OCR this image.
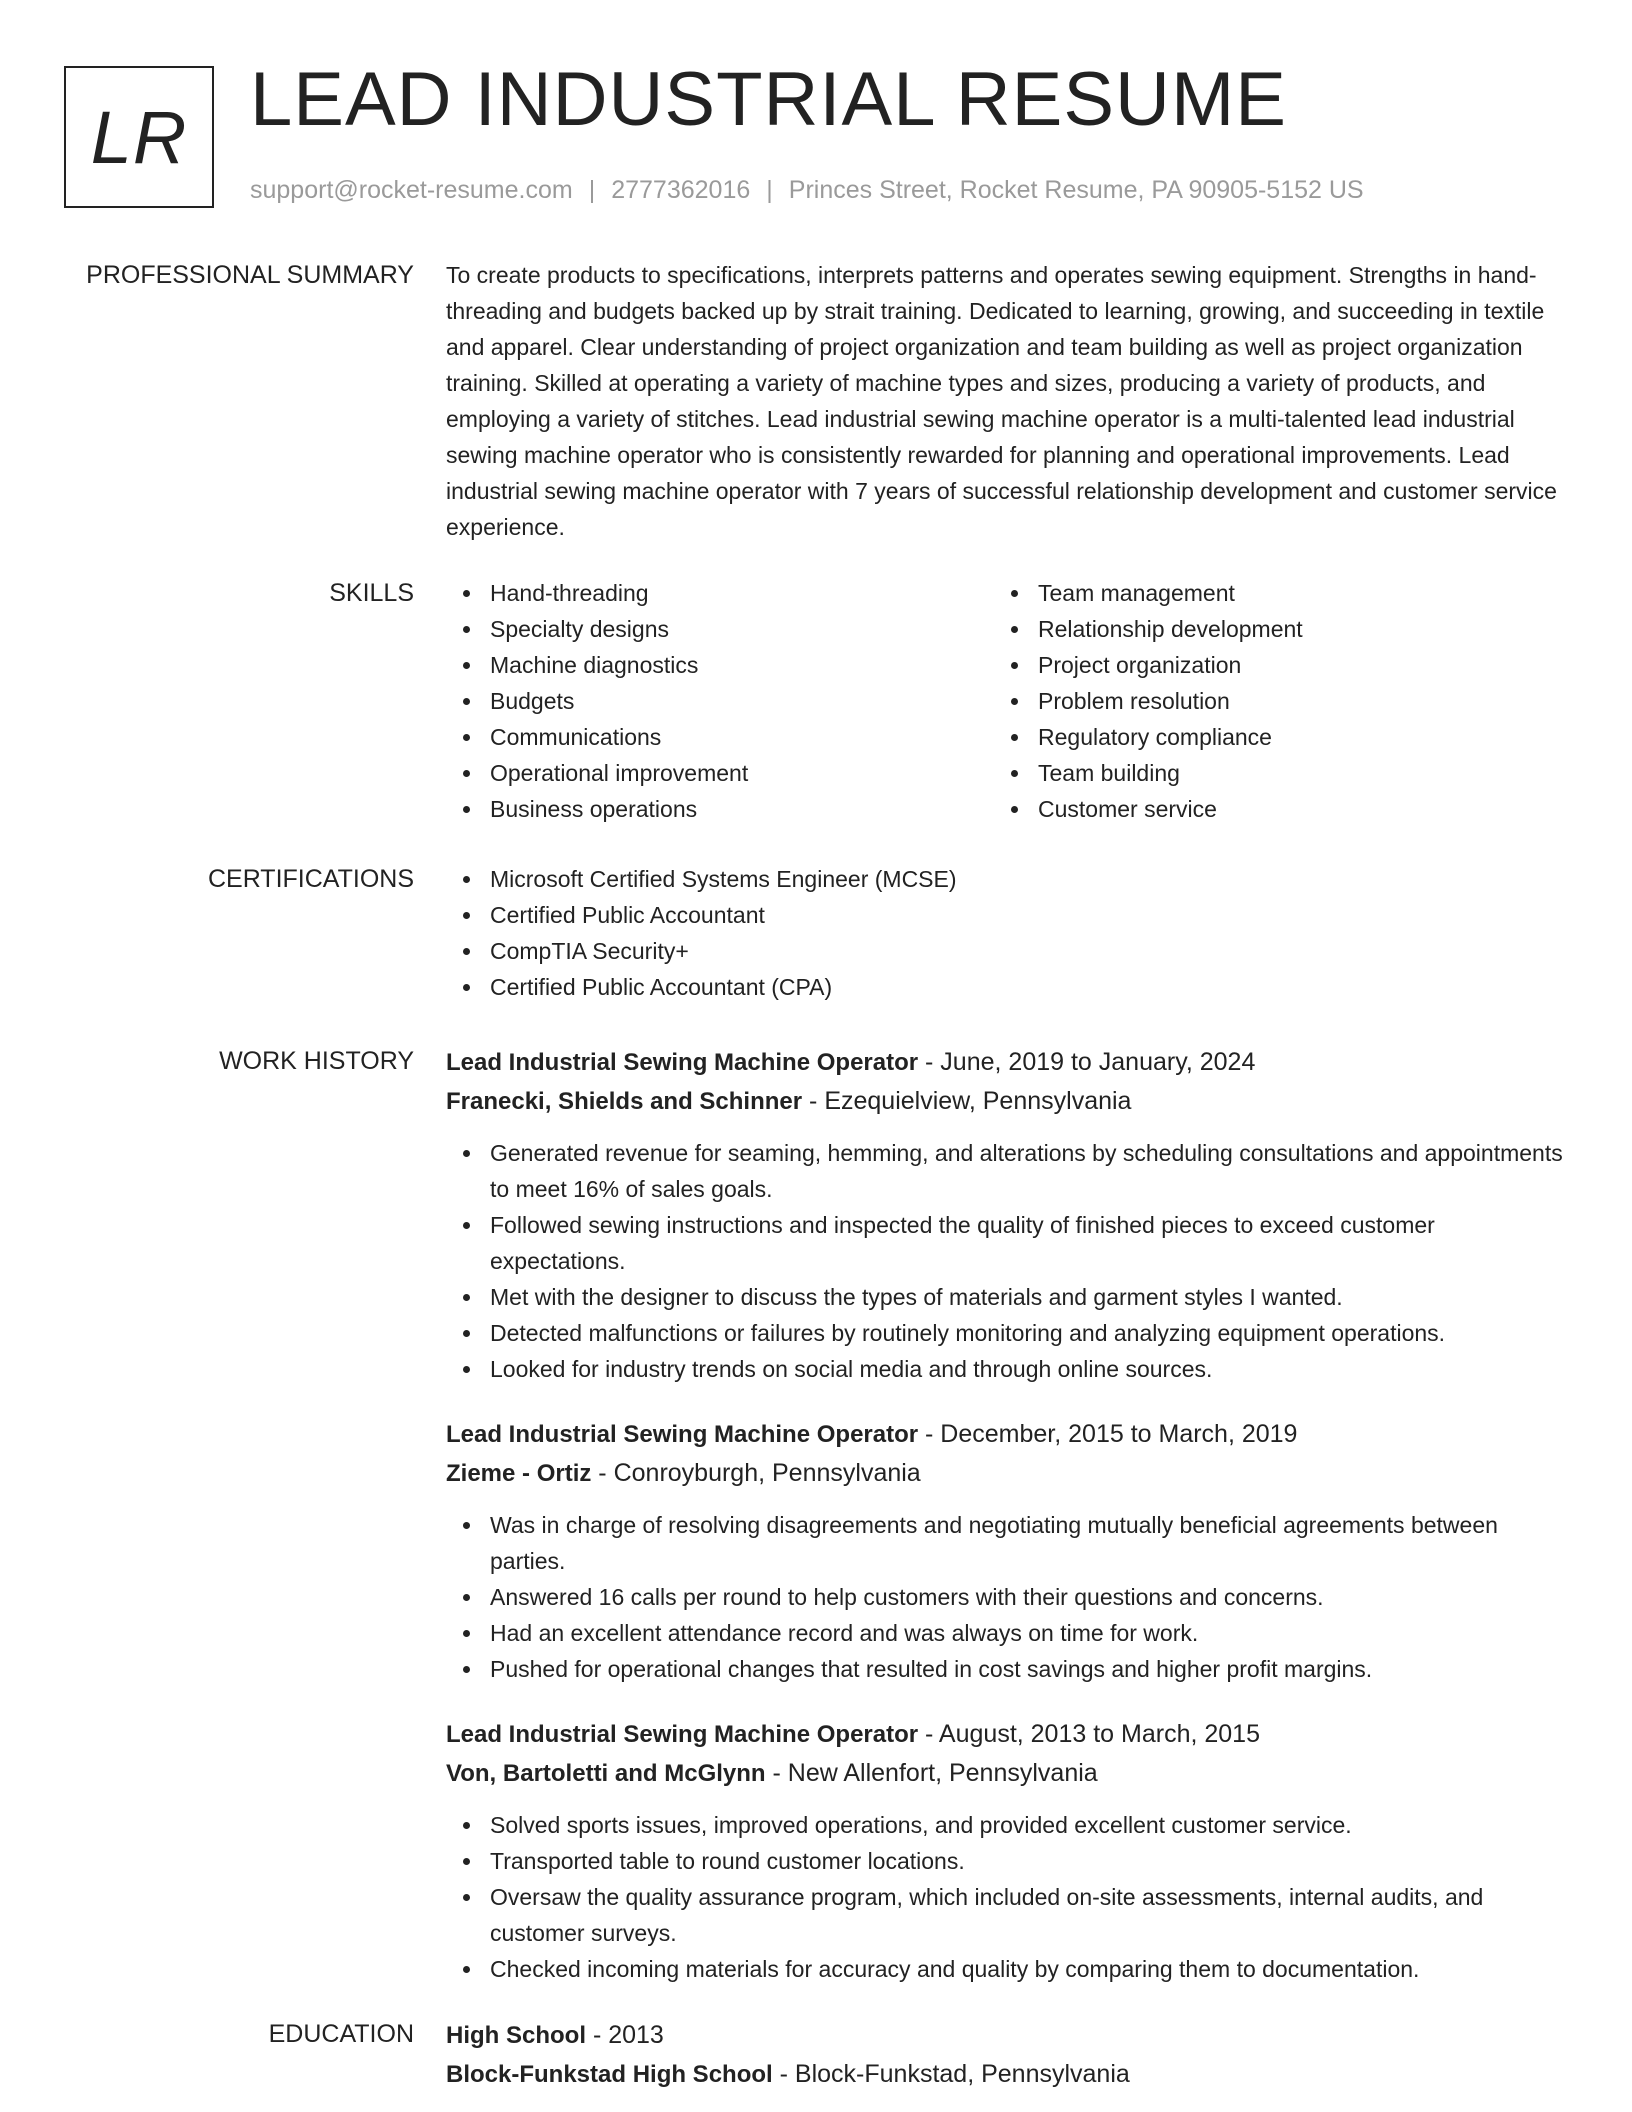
LR LEAD INDUSTRIAL RESUME
support@rocket-resume.com | 2777362016 | Princes Street, Rocket Resume, PA 90905-5152 US
PROFESSIONAL SUMMARY To create products to specifications, interprets patterns and operates sewing equipment. Strengths in hand-threading and budgets backed up by strait training. Dedicated to learning, growing, and succeeding in textile and apparel. Clear understanding of project organization and team building as well as project organization training. Skilled at operating a variety of machine types and sizes, producing a variety of products, and employing a variety of stitches. Lead industrial sewing machine operator is a multi-talented lead industrial sewing machine operator who is consistently rewarded for planning and operational improvements. Lead industrial sewing machine operator with 7 years of successful relationship development and customer service experience.

SKILLS	Hand-threading
Specialty designs
Machine diagnostics
Budgets
Communications
Operational improvement
Business operations
Team management
Relationship development
Project organization
Problem resolution
Regulatory compliance
Team building
Customer service
CERTIFICATIONS	Microsoft Certified Systems Engineer (MCSE)
Certified Public Accountant
CompTIA Security+
Certified Public Accountant (CPA)
WORK HISTORY Lead Industrial Sewing Machine Operator - June, 2019 to January, 2024
Franecki, Shields and Schinner - Ezequielview, Pennsylvania
Generated revenue for seaming, hemming, and alterations by scheduling consultations and appointments to meet 16% of sales goals.
Followed sewing instructions and inspected the quality of finished pieces to exceed customer expectations.
Met with the designer to discuss the types of materials and garment styles I wanted.
Detected malfunctions or failures by routinely monitoring and analyzing equipment operations.
Looked for industry trends on social media and through online sources.
Lead Industrial Sewing Machine Operator - December, 2015 to March, 2019
Zieme - Ortiz - Conroyburgh, Pennsylvania
Was in charge of resolving disagreements and negotiating mutually beneficial agreements between parties.
Answered 16 calls per round to help customers with their questions and concerns.
Had an excellent attendance record and was always on time for work.
Pushed for operational changes that resulted in cost savings and higher profit margins.
Lead Industrial Sewing Machine Operator - August, 2013 to March, 2015
Von, Bartoletti and McGlynn - New Allenfort, Pennsylvania
Solved sports issues, improved operations, and provided excellent customer service.
Transported table to round customer locations.
Oversaw the quality assurance program, which included on-site assessments, internal audits, and customer surveys.
Checked incoming materials for accuracy and quality by comparing them to documentation.
EDUCATION High School - 2013
Block-Funkstad High School - Block-Funkstad, Pennsylvania
